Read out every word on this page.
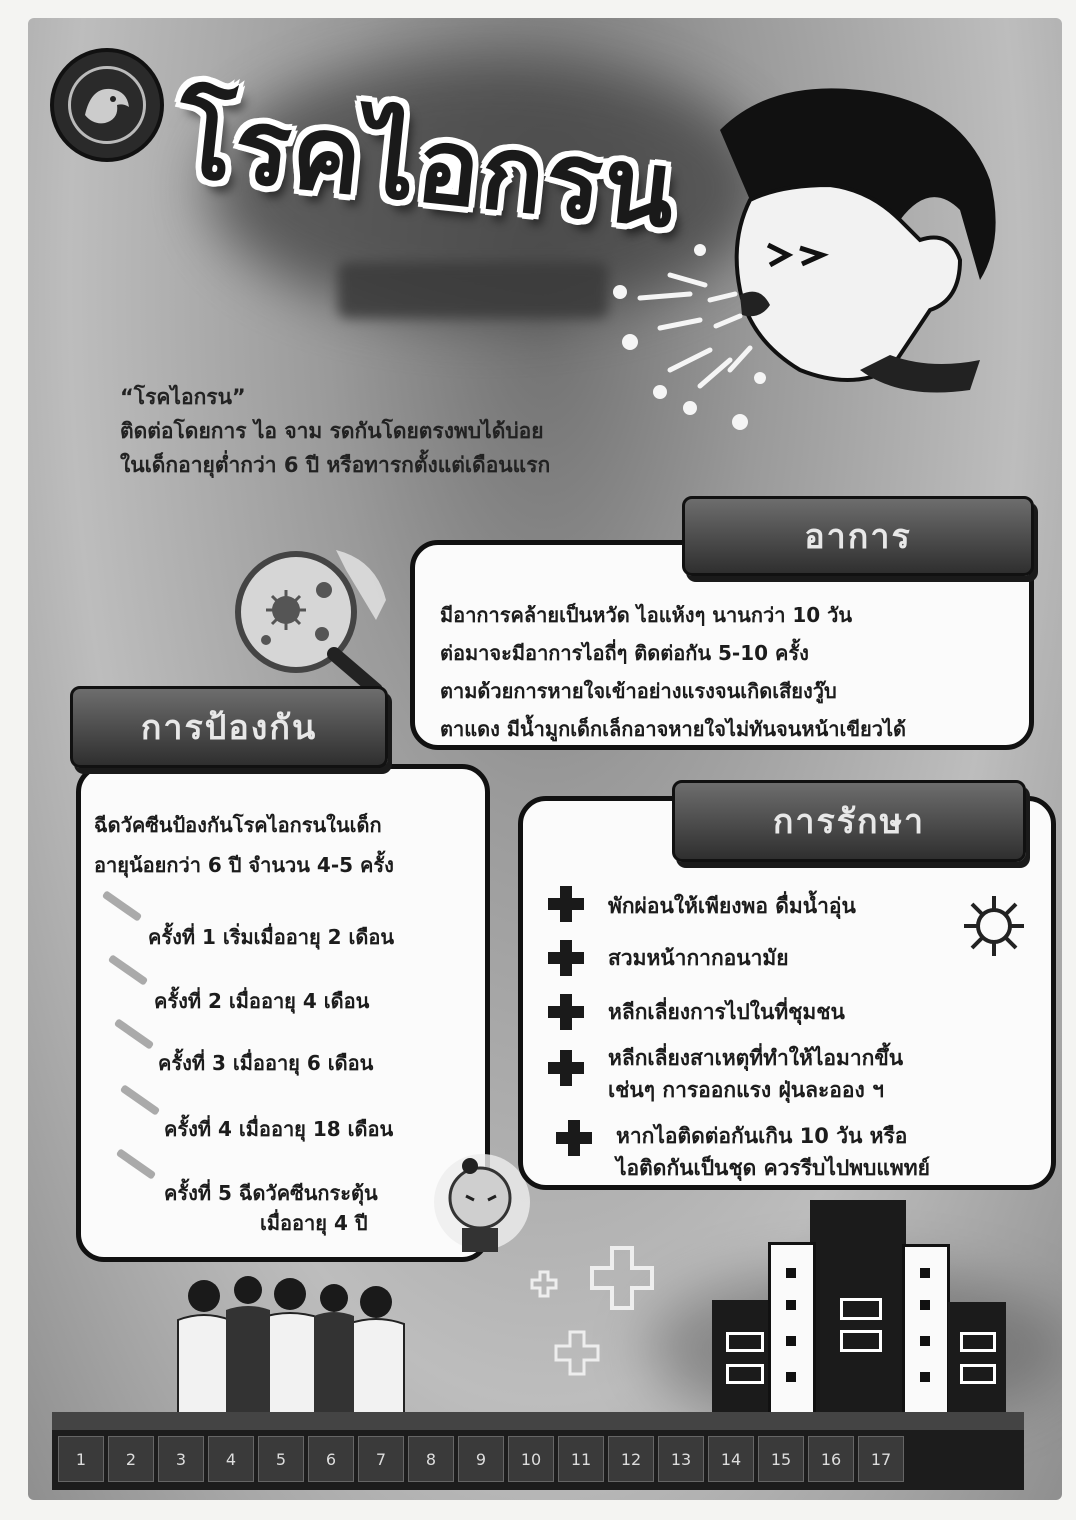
โรคไอกรน
“โรคไอกรน”
ติดต่อโดยการ ไอ จาม รดกันโดยตรงพบได้บ่อย
ในเด็กอายุต่ำกว่า 6 ปี หรือทารกตั้งแต่เดือนแรก
อาการ
มีอาการคล้ายเป็นหวัด ไอแห้งๆ นานกว่า 10 วัน
ต่อมาจะมีอาการไอถี่ๆ ติดต่อกัน 5-10 ครั้ง
ตามด้วยการหายใจเข้าอย่างแรงจนเกิดเสียงวู๊บ
ตาแดง มีน้ำมูกเด็กเล็กอาจหายใจไม่ทันจนหน้าเขียวได้
การป้องกัน
ฉีดวัคซีนป้องกันโรคไอกรนในเด็ก
อายุน้อยกว่า 6 ปี จำนวน 4-5 ครั้ง
ครั้งที่ 1 เริ่มเมื่ออายุ 2 เดือน
ครั้งที่ 2 เมื่ออายุ 4 เดือน
ครั้งที่ 3 เมื่ออายุ 6 เดือน
ครั้งที่ 4 เมื่ออายุ 18 เดือน
ครั้งที่ 5 ฉีดวัคซีนกระตุ้น
เมื่ออายุ 4 ปี
การรักษา
พักผ่อนให้เพียงพอ ดื่มน้ำอุ่น
สวมหน้ากากอนามัย
หลีกเลี่ยงการไปในที่ชุมชน
หลีกเลี่ยงสาเหตุที่ทำให้ไอมากขึ้น
เช่นๆ การออกแรง ฝุ่นละออง ฯ
หากไอติดต่อกันเกิน 10 วัน หรือ
ไอติดกันเป็นชุด ควรรีบไปพบแพทย์
1	2	3	4	5	6	7	8	9	10	11	12	13	14	15	16	17
